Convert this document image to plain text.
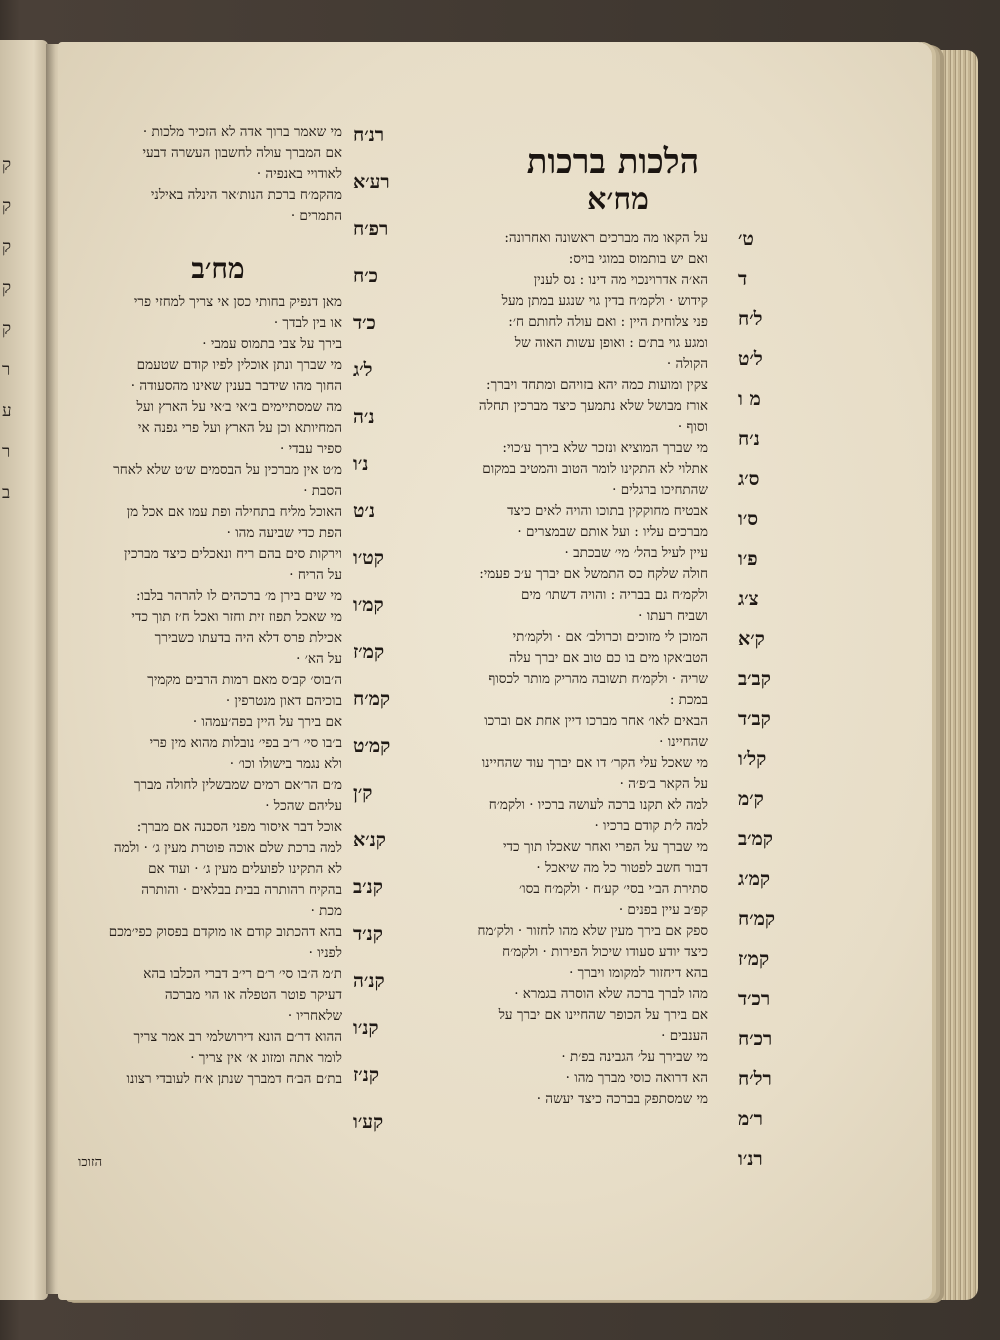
ק
ק
ק
ק
ק
ר
ע
ר
ב
הלכות ברכות
מח׳א
על הקאו מה מברכים ראשונה ואחרונה:
ואם יש בותמוס במוגי בויס:
הא׳ה אדרוינכוי מה דינו : נס לענין
קידוש · ולקמ׳ח בדין גוי שנגע במתן מעל
פני צלוחית היין : ואם עולה לחותם ח׳:
ומגע גוי בת׳ם : ואופן עשות האוה של
הקולה ·
צקין ומועות כמה יהא בזויהם ומתחד ויברך:
אורז מבושל שלא נתמעך כיצד מברכין תחלה
וסוף ·
מי שברך המוציא ונזכר שלא בירך ע׳כוי:
אתלוי לא התקינו לומר הטוב והמטיב במקום
שהתחיכו ברגלים ·
אבטיח מחוקקין בתוכו והויה לאים כיצד
מברכים עליו : ועל אותם שבמצרים ·
עיין לעיל בהל׳ מי׳ שבכתב ·
חולה שלקח כס התמשל אם יברך ע׳כ פעמי:
ולקמ׳ח גם בבריה : והויה דשתו׳ מים
ושביח רעתו ·
המוכן לי מזוכים וכרולב׳ אם · ולקמ׳תי
הטב׳אקו מים בו כם טוב אם יברך עלה
שריה · ולקמ׳ח תשובה מהריק מותר לכסוף
במכת :
הבאים לאו׳ אחר מברכו דיין אחת אם וברכו
שהחיינו ·
מי שאכל עלי הקר׳ דו אם יברך עוד שהחיינו
על הקאר ב׳פ׳ה ·
למה לא תקנו ברכה לעושה ברכיו · ולקמ׳ח
למה ל׳ת קודם ברכיו ·
מי שברך על הפרי ואחר שאכלו תוך כדי
דבור חשב לפטור כל מה שיאכל ·
סתירת הב׳י בסי׳ קע׳ח · ולקמ׳ח בסו׳
קפ׳ב עיין בפנים ·
ספק אם בירך מעין שלא מהו לחזור · ולק׳מח
כיצד יודע סעודו שיכול הפירות · ולקמ׳ח
בהא דיחזור למקומו ויברך ·
מהו לברך ברכה שלא הוסרה בגמרא ·
אם בירך על הכופר שהחיינו אם יברך על
הענבים ·
מי שבירך על׳ הגבינה בפ׳ת ·
הא דרואה כוסי מברך מהו ·
מי שמסתפק בברכה כיצד יעשה ·
ט׳
ד
ל׳ח
ל׳ט
מ ו
נ׳ח
ס׳ג
ס׳ו
פ׳ו
צ׳ג
ק׳א
קב׳ב
קב׳ד
קל׳ו
ק׳מ
קמ׳ב
קמ׳ג
קמ׳ח
קמ׳ז
רכ׳ד
רכ׳ח
רל׳ח
ר׳מ
רנ׳ו
מי שאמר ברוך אדה לא הזכיר מלכות ·
אם המברך עולה לחשבון העשרה דבעי
לאודויי באנפיה ·
מהקמ׳ח ברכת הנות׳אר הינלה באילני
התמרים ·
מח׳ב
מאן דנפיק בחותי כסן אי צריך למחזי פרי
או בין לבדך ·
בירך על צבי בתמוס עמבי ·
מי שברך ונתן אוכלין לפיו קודם שטעמם
החוך מהו שידבר בענין שאינו מהסעודה ·
מה שמסתיימים ב׳אי ב׳אי על הארץ ועל
המחיותא וכן על הארץ ועל פרי גפנה אי
ספיר עבדי ·
מ׳ט אין מברכין על הבסמים ש׳ט שלא לאחר
הסבת ·
האוכל מליח בתחילה ופת עמו אם אכל מן
הפת כדי שביעה מהו ·
וירקות סים בהם ריח ונאכלים כיצד מברכין
על הריח ·
מי שים בירן מ׳ ברכהים לו להרהר בלבו:
מי שאכל תפוז זית וחזר ואכל ח׳ז תוך כדי
אכילת פרס דלא היה בדעתו כשבירך
על הא׳ ·
ה׳בוס׳ קב׳ס מאם רמות הרבים מקמיך
בוכיהם דאון מנטרפין ·
אם בירך על היין בפה׳עמהו ·
ב׳בו סי׳ ר׳ב בפי׳ נובלות מהוא מין פרי
ולא נגמר בישולו וכו׳ ·
מ׳ם הר׳אם רמים שמבשלין לחולה מברך
עליהם שהכל ·
אוכל דבר איסור מפני הסכנה אם מברך:
למה ברכת שלם אוכה פוטרת מעין ג׳ · ולמה
לא התקינו לפועלים מעין ג׳ · ועוד אם
בהקיח רהותרה בבית בבלאים · והותרה
מכת ·
בהא דהכתוב קודם או מוקדם בפסוק כפי׳מכם
לפניו ·
ת׳מ ה׳בו סי׳ ר׳ם רי׳ב דברי הכלבו בהא
דעיקר פוטר הטפלה או הוי מברכה
שלאחריו ·
ההוא דר׳ם הונא דירושלמי רב אמר צריך
לומר אתה ומזונ א׳ אין צריך ·
בת׳ם הב׳ח דמברך שנתן א׳ח לעובדי רצונו
הזוכו
רנ׳ח
רע׳א
רפ׳ח
כ׳ח
כ׳ד
ל׳ג
נ׳ה
נ׳ו
נ׳ט
קט׳ו
קמ׳ו
קמ׳ז
קמ׳ח
קמ׳ט
ק׳ן
קנ׳א
קנ׳ב
קנ׳ד
קנ׳ה
קנ׳ו
קנ׳ז
קע׳ו
